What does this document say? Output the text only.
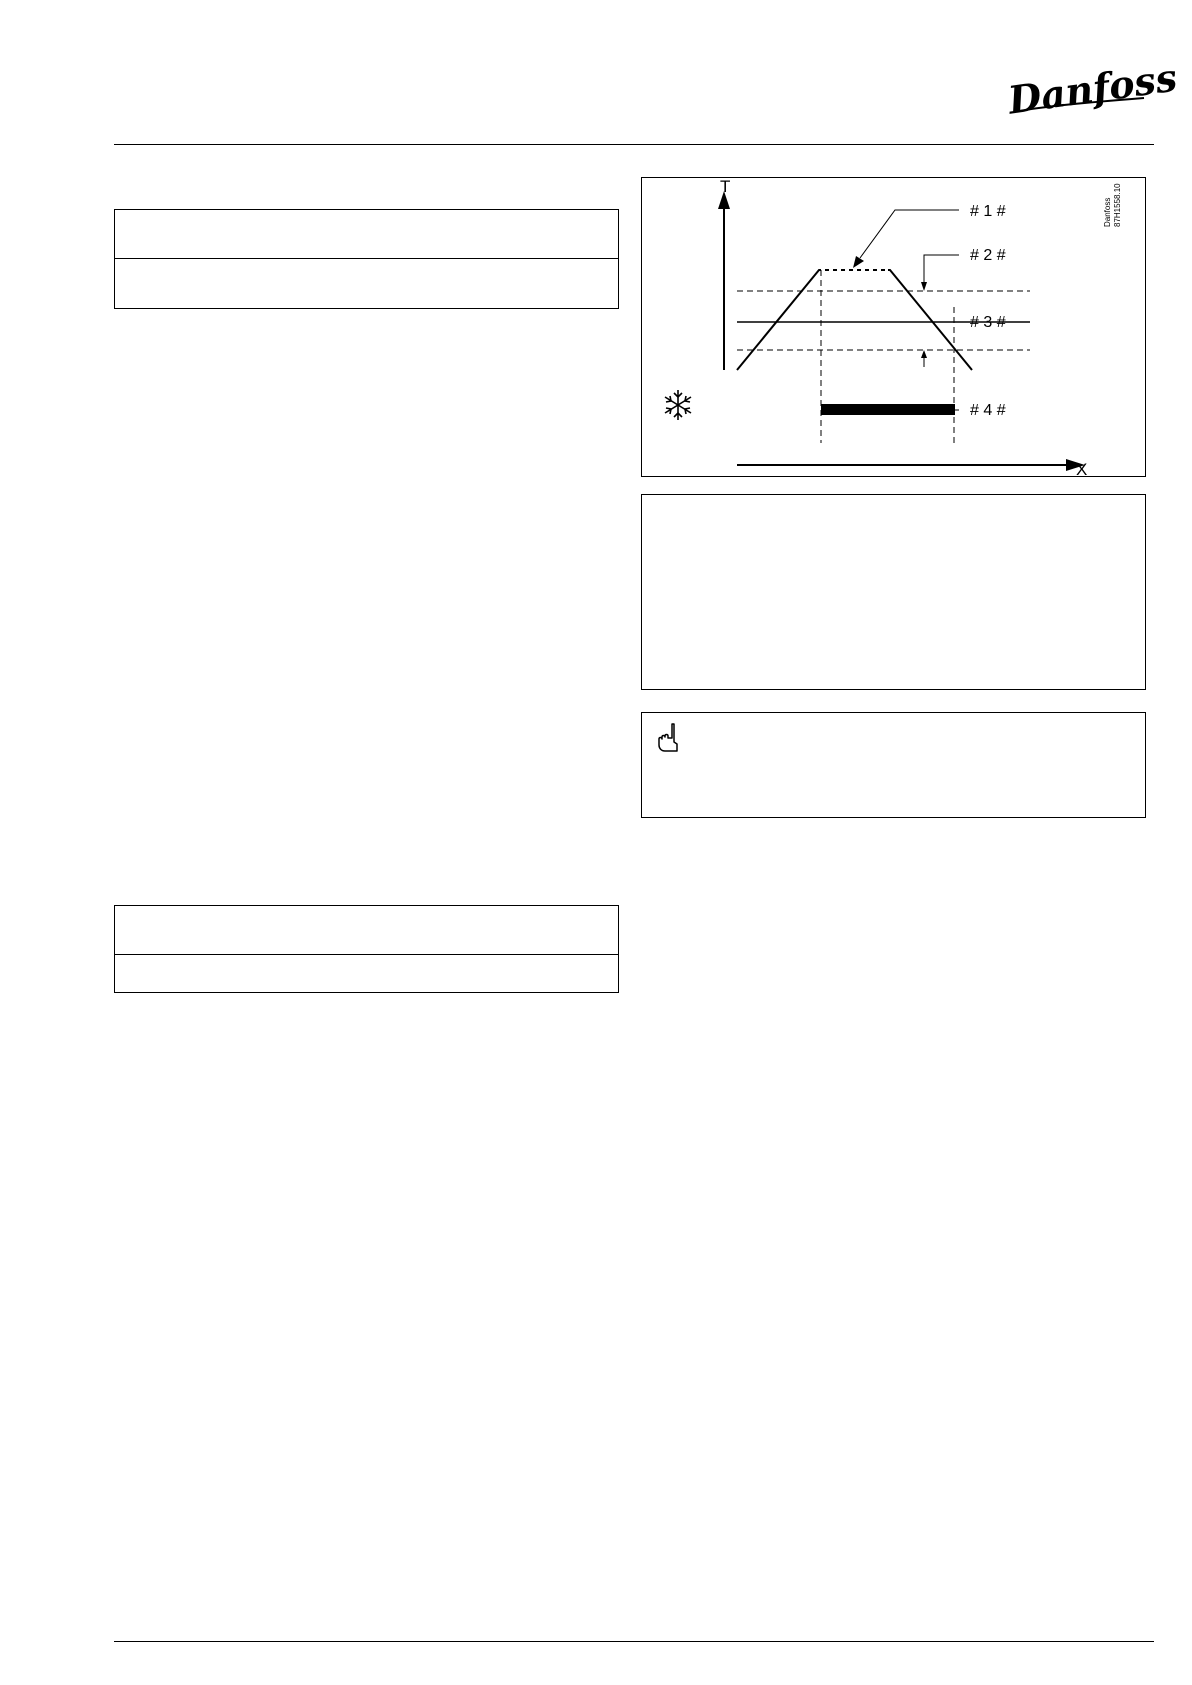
Danfoss
T
X
# 1 #
# 2 #
# 3 #
# 4 #
Danfoss 87H1558.10
